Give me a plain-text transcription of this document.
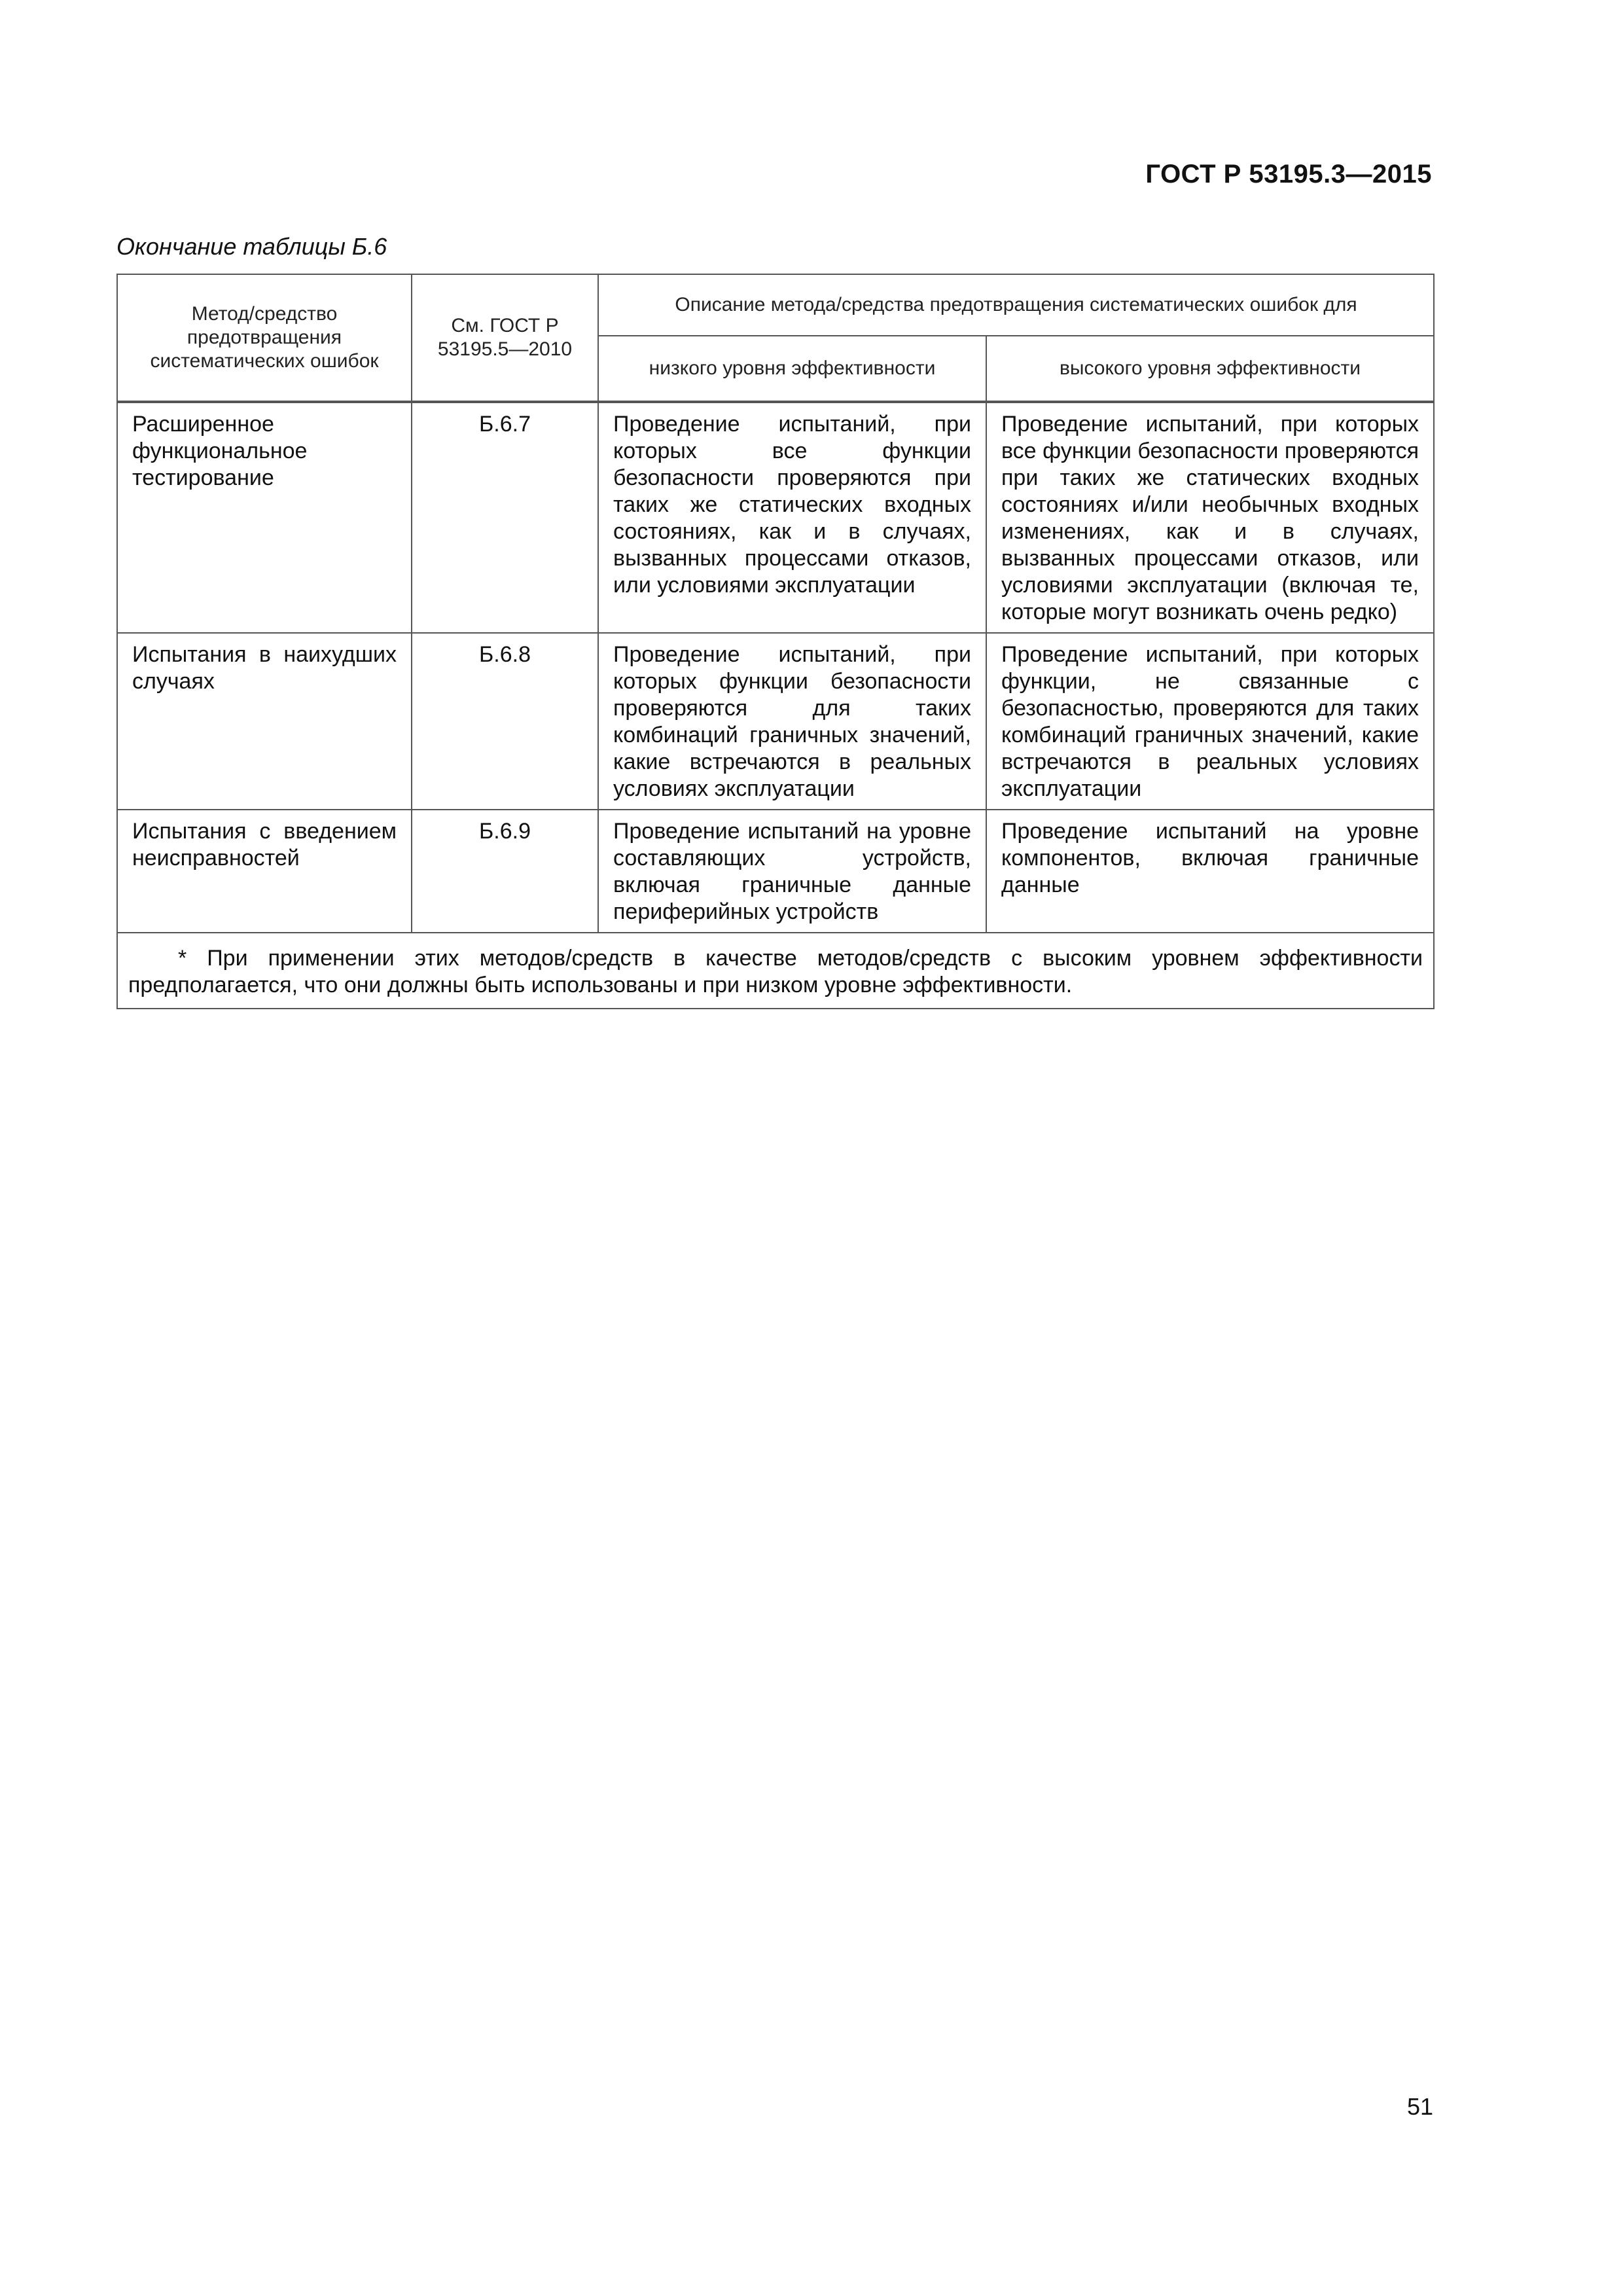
ГОСТ Р 53195.3—2015
Окончание таблицы Б.6
Метод/средство предотвращения систематических ошибок	См. ГОСТ Р 53195.5—2010	Описание метода/средства предотвращения систематических ошибок для	
		низкого уровня эффективности	высокого уровня эффективности

Расширенное функциональное тестирование	Б.6.7	Проведение испытаний, при которых все функции безопасности проверяются при таких же статических входных состояниях, как и в случаях, вызванных процессами отказов, или условиями эксплуатации	Проведение испытаний, при которых все функции безопасности проверяются при таких же статических входных состояниях и/или необычных входных изменениях, как и в случаях, вызванных процессами отказов, или условиями эксплуатации (включая те, которые могут возникать очень редко)
Испытания в наихудших случаях	Б.6.8	Проведение испытаний, при которых функции безопасности проверяются для таких комбинаций граничных значений, какие встречаются в реальных условиях эксплуатации	Проведение испытаний, при которых функции, не связанные с безопасностью, проверяются для таких комбинаций граничных значений, какие встречаются в реальных условиях эксплуатации
Испытания с введением неисправностей	Б.6.9	Проведение испытаний на уровне составляющих устройств, включая граничные данные периферийных устройств	Проведение испытаний на уровне компонентов, включая граничные данные
* При применении этих методов/средств в качестве методов/средств с высоким уровнем эффективности предполагается, что они должны быть использованы и при низком уровне эффективности.			
51
